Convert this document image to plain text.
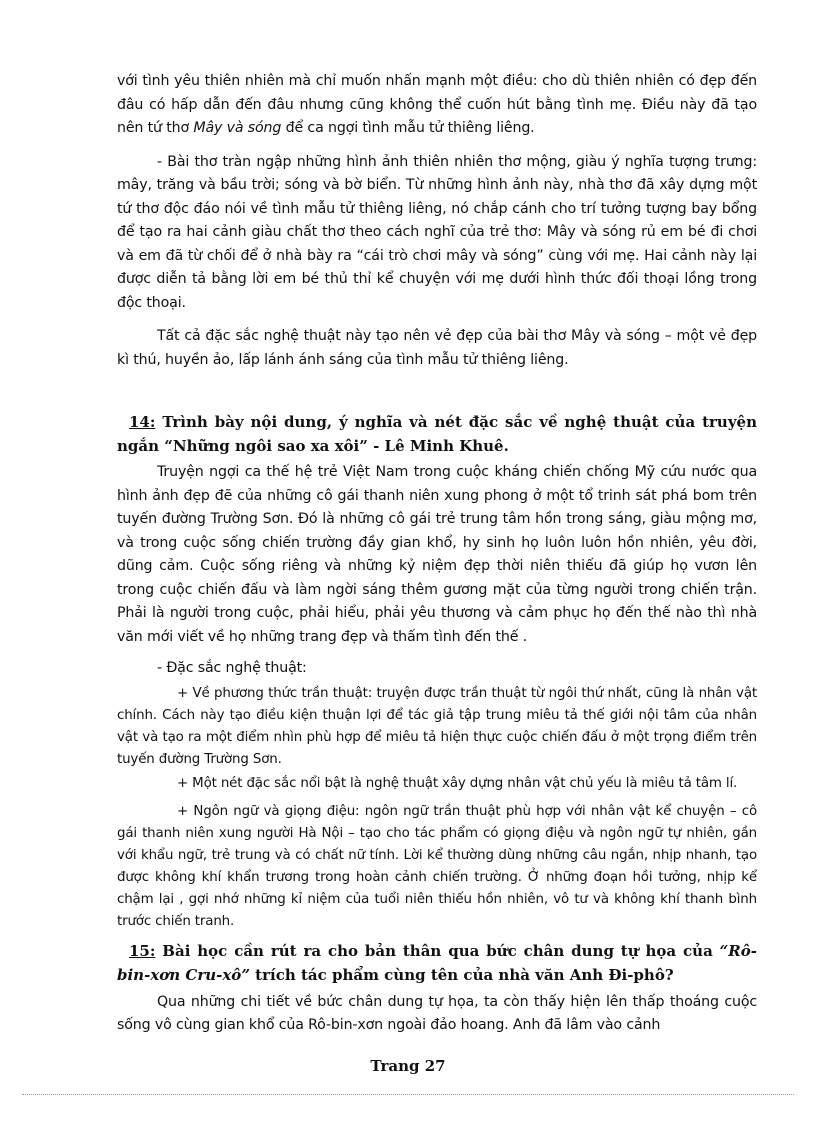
với tình yêu thiên nhiên mà chỉ muốn nhấn mạnh một điều: cho dù thiên nhiên có đẹp đến đâu có hấp dẫn đến đâu nhưng cũng không thể cuốn hút bằng tình mẹ. Điều này đã tạo nên tứ thơ Mây và sóng để ca ngợi tình mẫu tử thiêng liêng.

- Bài thơ tràn ngập những hình ảnh thiên nhiên thơ mộng, giàu ý nghĩa tượng trưng: mây, trăng và bầu trời; sóng và bờ biển. Từ những hình ảnh này, nhà thơ đã xây dựng một tứ thơ độc đáo nói về tình mẫu tử thiêng liêng, nó chắp cánh cho trí tưởng tượng bay bổng để tạo ra hai cảnh giàu chất thơ theo cách nghĩ của trẻ thơ: Mây và sóng rủ em bé đi chơi và em đã từ chối để ở nhà bày ra “cái trò chơi mây và sóng” cùng với mẹ. Hai cảnh này lại được diễn tả bằng lời em bé thủ thỉ kể chuyện với mẹ dưới hình thức đối thoại lồng trong độc thoại.

Tất cả đặc sắc nghệ thuật này tạo nên vẻ đẹp của bài thơ Mây và sóng – một vẻ đẹp kì thú, huyền ảo, lấp lánh ánh sáng của tình mẫu tử thiêng liêng.

14: Trình bày nội dung, ý nghĩa và nét đặc sắc về nghệ thuật của truyện ngắn “Những ngôi sao xa xôi” - Lê Minh Khuê.

Truyện ngợi ca thế hệ trẻ Việt Nam trong cuộc kháng chiến chống Mỹ cứu nước qua hình ảnh đẹp đẽ của những cô gái thanh niên xung phong ở một tổ trinh sát phá bom trên tuyến đường Trường Sơn. Đó là những cô gái trẻ trung tâm hồn trong sáng, giàu mộng mơ, và trong cuộc sống chiến trường đầy gian khổ, hy sinh họ luôn luôn hồn nhiên, yêu đời, dũng cảm. Cuộc sống riêng và những kỷ niệm đẹp thời niên thiếu đã giúp họ vươn lên trong cuộc chiến đấu và làm ngời sáng thêm gương mặt của từng người trong chiến trận. Phải là người trong cuộc, phải hiểu, phải yêu thương và cảm phục họ đến thế nào thì nhà văn mới viết về họ những trang đẹp và thấm tình đến thế .

- Đặc sắc nghệ thuật:

+ Về phương thức trần thuật: truyện được trần thuật từ ngôi thứ nhất, cũng là nhân vật chính. Cách này tạo điều kiện thuận lợi để tác giả tập trung miêu tả thế giới nội tâm của nhân vật và tạo ra một điểm nhìn phù hợp để miêu tả hiện thực cuộc chiến đấu ở một trọng điểm trên tuyến đường Trường Sơn.

+ Một nét đặc sắc nổi bật là nghệ thuật xây dựng nhân vật chủ yếu là miêu tả tâm lí.

+ Ngôn ngữ và giọng điệu: ngôn ngữ trần thuật phù hợp với nhân vật kể chuyện – cô gái thanh niên xung người Hà Nội – tạo cho tác phẩm có giọng điệu và ngôn ngữ tự nhiên, gần với khẩu ngữ, trẻ trung và có chất nữ tính. Lời kể thường dùng những câu ngắn, nhịp nhanh, tạo được không khí khẩn trương trong hoàn cảnh chiến trường. Ở những đoạn hồi tưởng, nhịp kể chậm lại , gợi nhớ những kỉ niệm của tuổi niên thiếu hồn nhiên, vô tư và không khí thanh bình trước chiến tranh.

15: Bài học cần rút ra cho bản thân qua bức chân dung tự họa của “Rô-bin-xơn Cru-xô” trích tác phẩm cùng tên của nhà văn Anh Đi-phô?

Qua những chi tiết về bức chân dung tự họa, ta còn thấy hiện lên thấp thoáng cuộc sống vô cùng gian khổ của Rô-bin-xơn ngoài đảo hoang. Anh đã lâm vào cảnh

Trang 27
